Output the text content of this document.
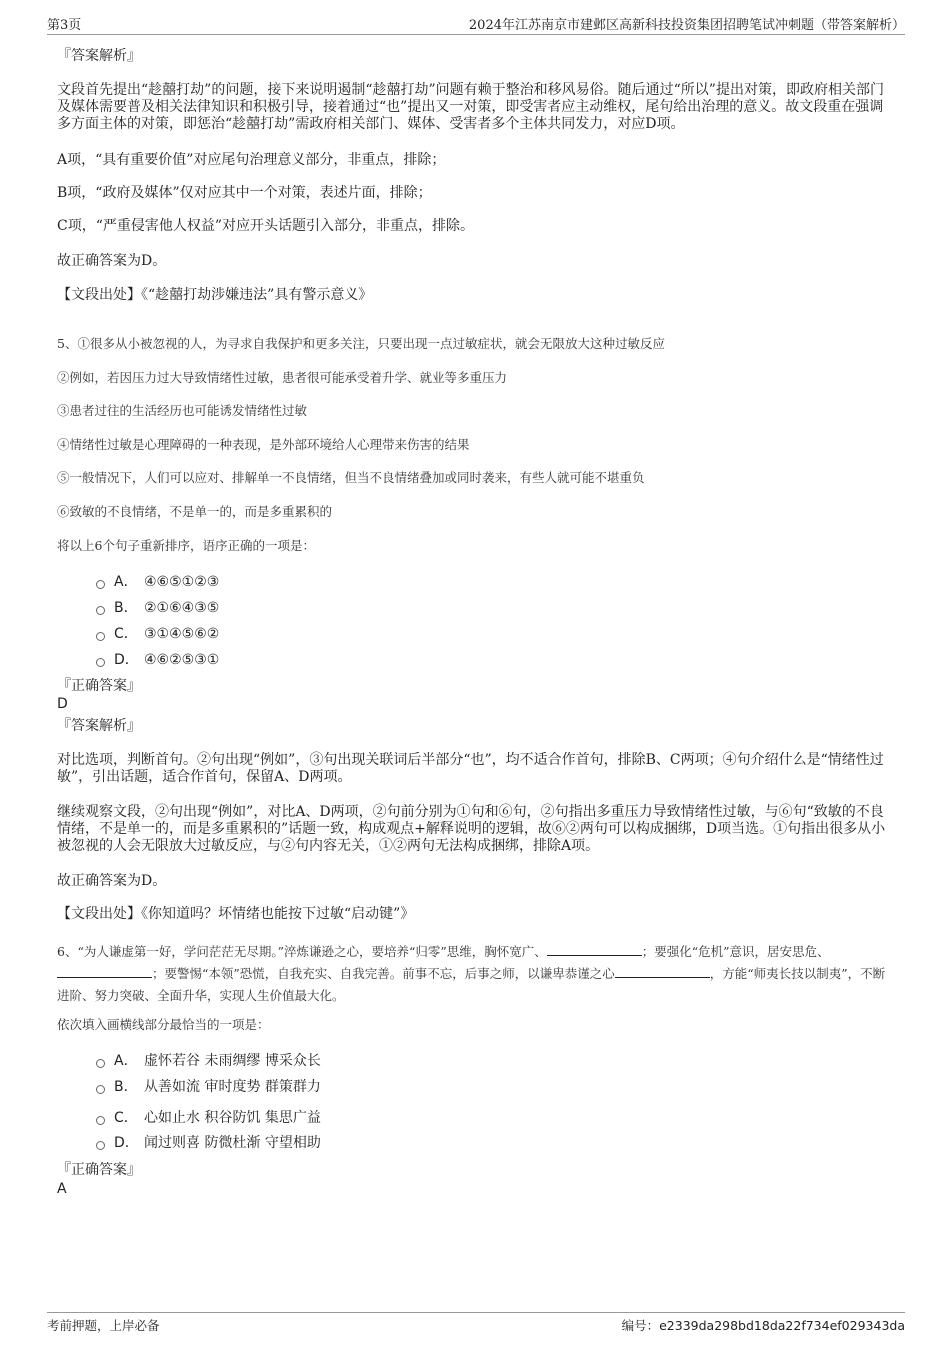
第3页	2024年江苏南京市建邺区高新科技投资集团招聘笔试冲刺题（带答案解析）
『答案解析』
文段首先提出“趁囍打劫”的问题，接下来说明遏制“趁囍打劫”问题有赖于整治和移风易俗。随后通过“所以”提出对策，即政府相关部门及媒体需要普及相关法律知识和积极引导，接着通过“也”提出又一对策，即受害者应主动维权，尾句给出治理的意义。故文段重在强调多方面主体的对策，即惩治“趁囍打劫”需政府相关部门、媒体、受害者多个主体共同发力，对应D项。
A项，“具有重要价值”对应尾句治理意义部分，非重点，排除；
B项，“政府及媒体”仅对应其中一个对策，表述片面，排除；
C项，“严重侵害他人权益”对应开头话题引入部分，非重点，排除。
故正确答案为D。
【文段出处】《“趁囍打劫涉嫌违法”具有警示意义》
5、①很多从小被忽视的人，为寻求自我保护和更多关注，只要出现一点过敏症状，就会无限放大这种过敏反应
②例如，若因压力过大导致情绪性过敏，患者很可能承受着升学、就业等多重压力
③患者过往的生活经历也可能诱发情绪性过敏
④情绪性过敏是心理障碍的一种表现，是外部环境给人心理带来伤害的结果
⑤一般情况下，人们可以应对、排解单一不良情绪，但当不良情绪叠加或同时袭来，有些人就可能不堪重负
⑥致敏的不良情绪，不是单一的，而是多重累积的
将以上6个句子重新排序，语序正确的一项是：
A． ④⑥⑤①②③
B． ②①⑥④③⑤
C． ③①④⑤⑥②
D． ④⑥②⑤③①
『正确答案』
D
『答案解析』
对比选项，判断首句。②句出现“例如”，③句出现关联词后半部分“也”，均不适合作首句，排除B、C两项；④句介绍什么是“情绪性过敏”，引出话题，适合作首句，保留A、D两项。
继续观察文段，②句出现“例如”，对比A、D两项，②句前分别为①句和⑥句，②句指出多重压力导致情绪性过敏，与⑥句“致敏的不良情绪，不是单一的，而是多重累积的”话题一致，构成观点+解释说明的逻辑，故⑥②两句可以构成捆绑，D项当选。①句指出很多从小被忽视的人会无限放大过敏反应，与②句内容无关，①②两句无法构成捆绑，排除A项。
故正确答案为D。
【文段出处】《你知道吗？坏情绪也能按下过敏“启动键”》
6、“为人谦虚第一好，学问茫茫无尽期。”淬炼谦逊之心，要培养“归零”思维，胸怀宽广、	；要强化“危机”意识，居安思危、；要警惕“本领”恐慌，自我充实、自我完善。前事不忘，后事之师，以谦卑恭谨之心	，方能“师夷长技以制夷”，不断进阶、努力突破、全面升华，实现人生价值最大化。
依次填入画横线部分最恰当的一项是：
A． 虚怀若谷 未雨绸缪 博采众长
B． 从善如流 审时度势 群策群力
C． 心如止水 积谷防饥 集思广益
D． 闻过则喜 防微杜渐 守望相助
『正确答案』
A
考前押题，上岸必备	编号：e2339da298bd18da22f734ef029343da
